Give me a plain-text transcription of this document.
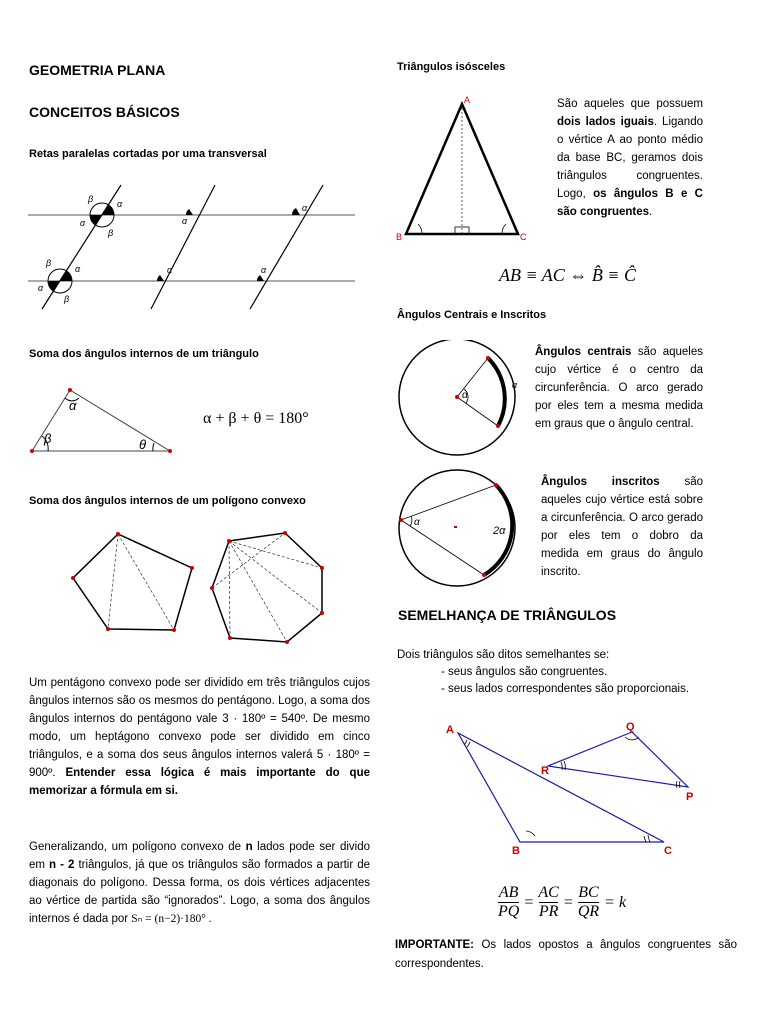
GEOMETRIA PLANA
CONCEITOS BÁSICOS
Retas paralelas cortadas por uma transversal
α
β
α
β
α
α
β
α
α
β
α	α
Soma dos ângulos internos de um triângulo
α
β	θ
α + β + θ = 180°
Soma dos ângulos internos de um polígono convexo
Um pentágono convexo pode ser dividido em três triângulos cujos ângulos internos são os mesmos do pentágono. Logo, a soma dos ângulos internos do pentágono vale 3 · 180º = 540º. De mesmo modo, um heptágono convexo pode ser dividido em cinco triângulos, e a soma dos seus ângulos internos valerá 5 · 180º = 900º. Entender essa lógica é mais importante do que memorizar a fórmula em si.
Generalizando, um polígono convexo de n lados pode ser divido em n - 2 triângulos, já que os triângulos são formados a partir de diagonais do polígono. Dessa forma, os dois vértices adjacentes ao vértice de partida são “ignorados”. Logo, a soma dos ângulos internos é dada por Sₙ = (n−2)·180° .
Triângulos isósceles
A
B	C
São aqueles que possuem dois lados iguais. Ligando o vértice A ao ponto médio da base BC, geramos dois triângulos congruentes. Logo, os ângulos B e C são congruentes.
AB ≡ AC ⇔ B̂ ≡ Ĉ
Ângulos Centrais e Inscritos
α
α
α
2α
Ângulos centrais são aqueles cujo vértice é o centro da circunferência. O arco gerado por eles tem a mesma medida em graus que o ângulo central.
Ângulos inscritos são aqueles cujo vértice está sobre a circunferência. O arco gerado por eles tem o dobro da medida em graus do ângulo inscrito.
SEMELHANÇA DE TRIÂNGULOS
Dois triângulos são ditos semelhantes se:
- seus ângulos são congruentes.
- seus lados correspondentes são proporcionais.
A
B	C
Q
R
P
$\frac{AB}{PQ} = \frac{AC}{PR} = \frac{BC}{QR} = k$
IMPORTANTE: Os lados opostos a ângulos congruentes são correspondentes.
